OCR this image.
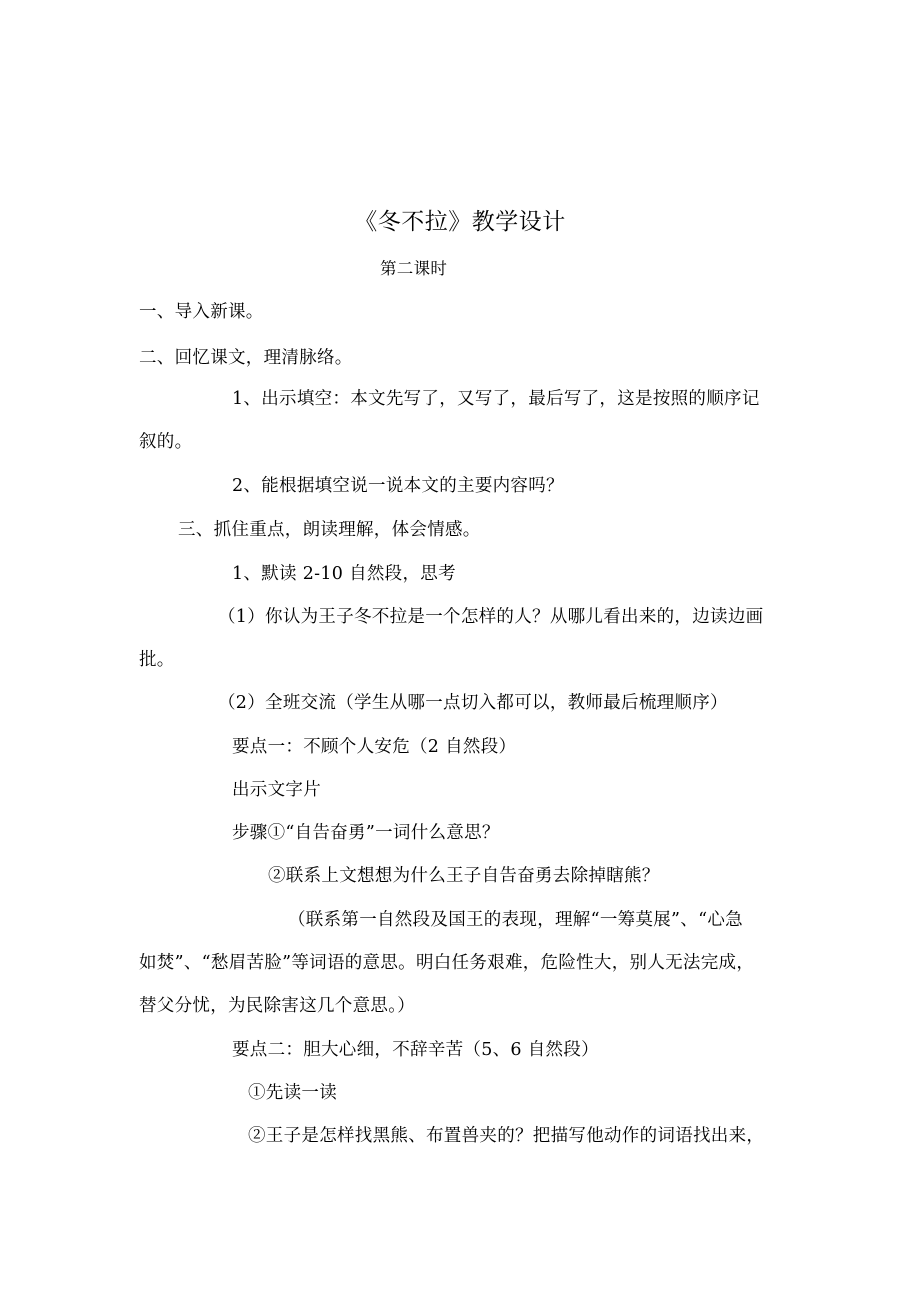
《冬不拉》教学设计
第二课时
一、导入新课。
二、回忆课文，理清脉络。
1、出示填空：本文先写了，又写了，最后写了，这是按照的顺序记
叙的。
2、能根据填空说一说本文的主要内容吗？
三、抓住重点，朗读理解，体会情感。
1、默读 2-10 自然段，思考
（1）你认为王子冬不拉是一个怎样的人？从哪儿看出来的，边读边画
批。
（2）全班交流（学生从哪一点切入都可以，教师最后梳理顺序）
要点一：不顾个人安危（2 自然段）
出示文字片
步骤①“自告奋勇”一词什么意思？
②联系上文想想为什么王子自告奋勇去除掉瞎熊？
（联系第一自然段及国王的表现，理解“一筹莫展”、“心急
如焚”、“愁眉苦脸”等词语的意思。明白任务艰难，危险性大，别人无法完成，
替父分忧，为民除害这几个意思。）
要点二：胆大心细，不辞辛苦（5、6 自然段）
①先读一读
②王子是怎样找黑熊、布置兽夹的？把描写他动作的词语找出来，
